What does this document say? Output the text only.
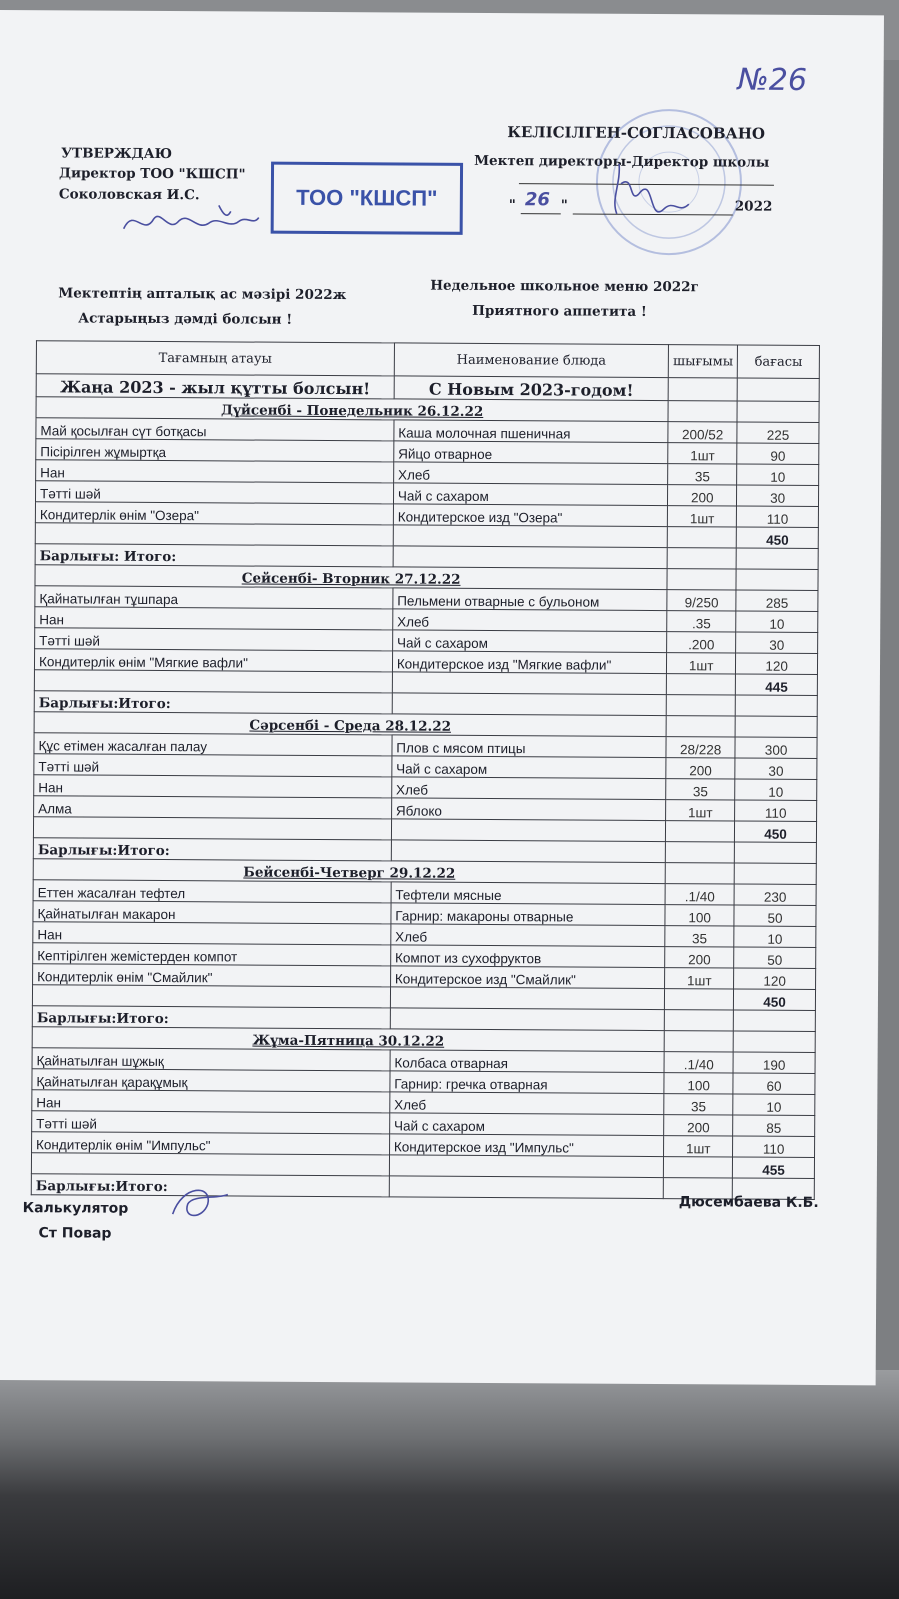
№26
УТВЕРЖДАЮ
Директор ТОО "КШСП"
Соколовская И.С.	ТОО "КШСП"
КЕЛІСІЛГЕН-СОГЛАСОВАНО
Мектеп директоры-Директор школы
" 26 "	2022
Мектептің апталық ас мәзірі 2022ж
Астарыңыз дәмді болсын !
Недельное школьное меню 2022г
Приятного аппетита !
Тағамның атауы	Наименование блюда	шығымы	бағасы
Жаңа 2023 - жыл құтты болсын!	С Новым 2023-годом!		
Дүйсенбі - Понедельник 26.12.22			
Май қосылған сүт ботқасы	Каша молочная пшеничная	200/52	225
Пісірілген жұмыртқа	Яйцо отварное	1шт	90
Нан	Хлеб	35	10
Тәтті шәй	Чай с сахаром	200	30
Кондитерлік өнім "Озера"	Кондитерское изд "Озера"	1шт	110
			450
Барлығы: Итого:			
Сейсенбі- Вторник 27.12.22			
Қайнатылған тұшпара	Пельмени отварные с бульоном	9/250	285
Нан	Хлеб	.35	10
Тәтті шәй	Чай с сахаром	.200	30
Кондитерлік өнім "Мягкие вафли"	Кондитерское изд "Мягкие вафли"	1шт	120
			445
Барлығы:Итого:			
Сәрсенбі - Среда 28.12.22			
Құс етімен жасалған палау	Плов с мясом птицы	28/228	300
Тәтті шәй	Чай с сахаром	200	30
Нан	Хлеб	35	10
Алма	Яблоко	1шт	110
			450
Барлығы:Итого:			
Бейсенбі-Четверг 29.12.22			
Еттен жасалған тефтел	Тефтели мясные	.1/40	230
Қайнатылған макарон	Гарнир: макароны отварные	100	50
Нан	Хлеб	35	10
Кептірілген жемістерден компот	Компот из сухофруктов	200	50
Кондитерлік өнім "Смайлик"	Кондитерское изд "Смайлик"	1шт	120
			450
Барлығы:Итого:			
Жұма-Пятница 30.12.22			
Қайнатылған шұжық	Колбаса отварная	.1/40	190
Қайнатылған қарақұмық	Гарнир: гречка отварная	100	60
Нан	Хлеб	35	10
Тәтті шәй	Чай с сахаром	200	85
Кондитерлік өнім "Импульс"	Кондитерское изд "Импульс"	1шт	110
			455
Барлығы:Итого:			
Калькулятор
Ст Повар
Дюсембаева К.Б.
